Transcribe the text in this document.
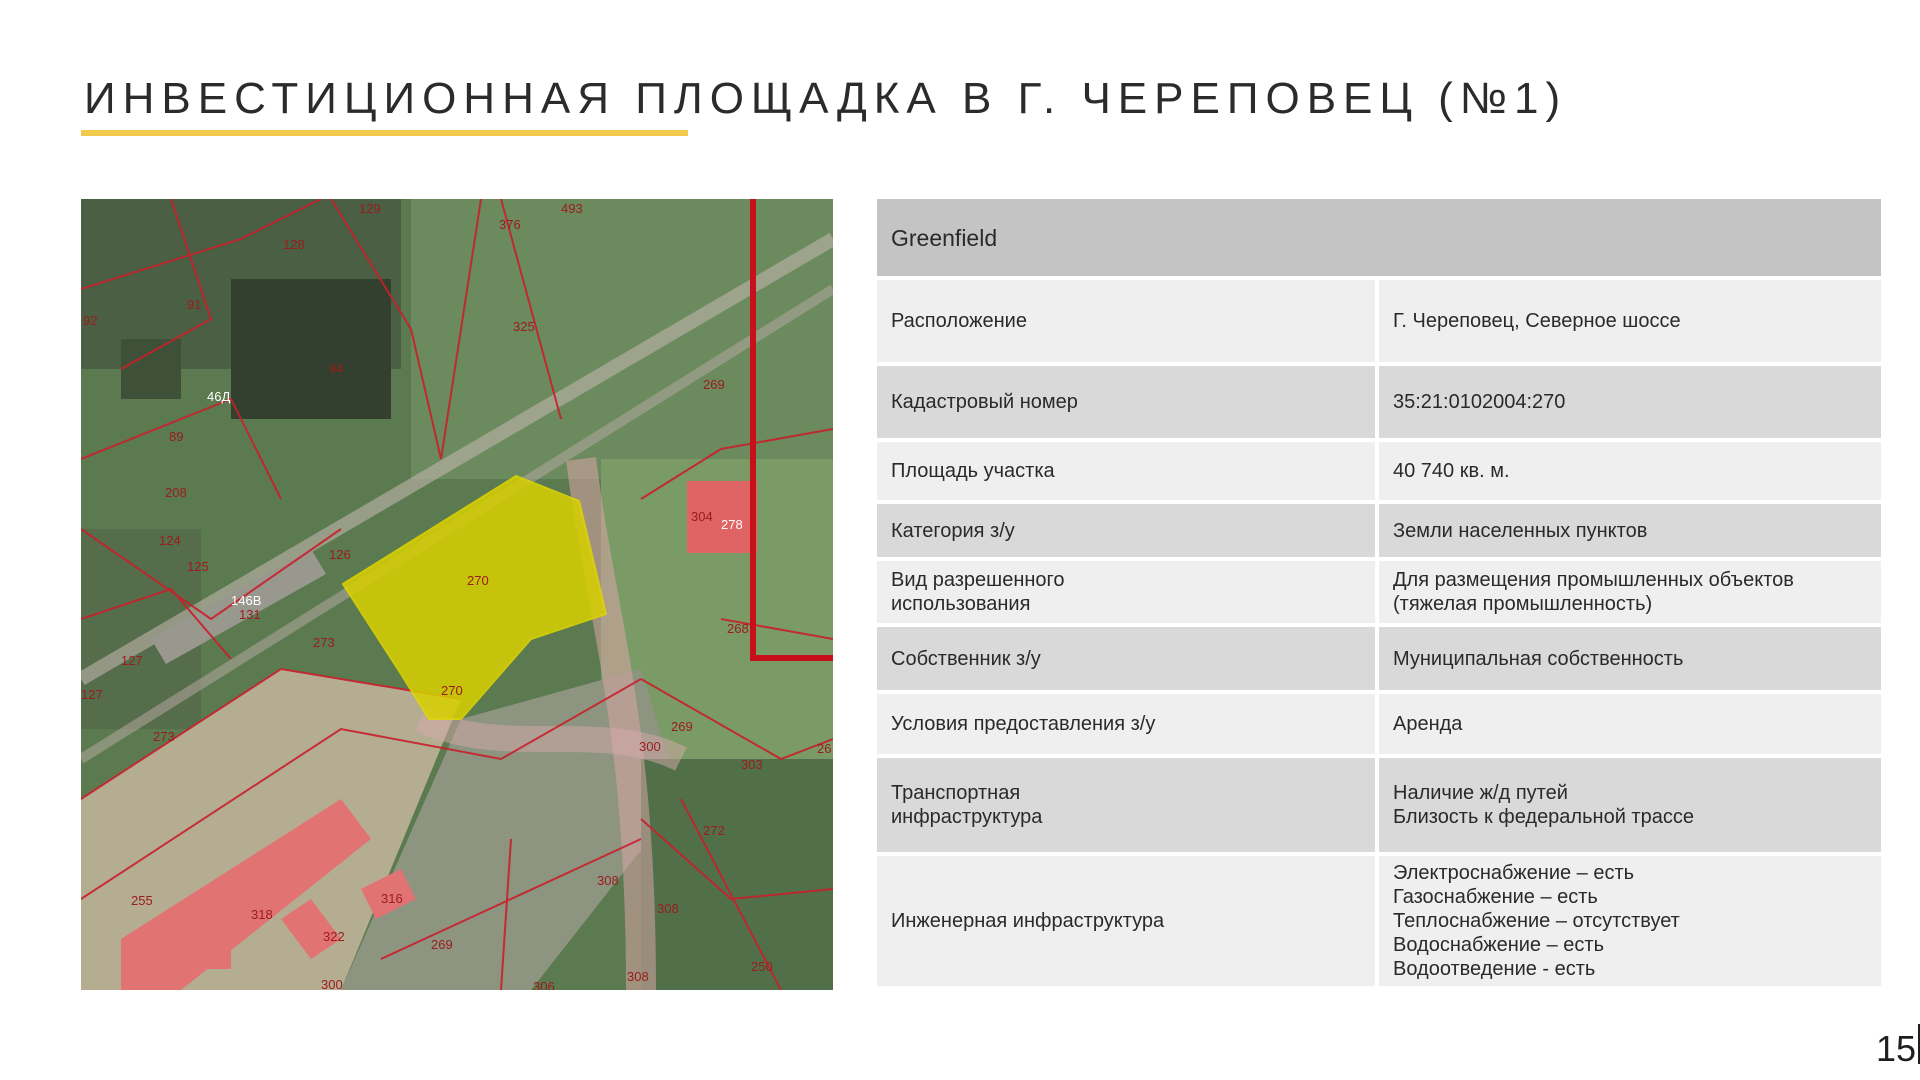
ИНВЕСТИЦИОННАЯ ПЛОЩАДКА В Г. ЧЕРЕПОВЕЦ (№1)
493
129
376
128
91
92	325
94
269
46Д
89
208
124
125
146В
131
126
270
270
273
127
127
273
304
278
268
269
300
303
272
255
318
316
322
269
308
308
308
306
300
250
26
Greenfield	
Расположение	Г. Череповец, Северное шоссе
Кадастровый номер	35:21:0102004:270
Площадь участка	40 740 кв. м.
Категория з/у	Земли населенных пунктов
Вид разрешенного
использования	Для размещения промышленных объектов
(тяжелая промышленность)
Собственник з/у	Муниципальная собственность
Условия предоставления з/у	Аренда
Транспортная
инфраструктура	Наличие ж/д путей
Близость к федеральной трассе
Инженерная инфраструктура	Электроснабжение – есть
Газоснабжение – есть
Теплоснабжение – отсутствует
Водоснабжение – есть
Водоотведение - есть
15
